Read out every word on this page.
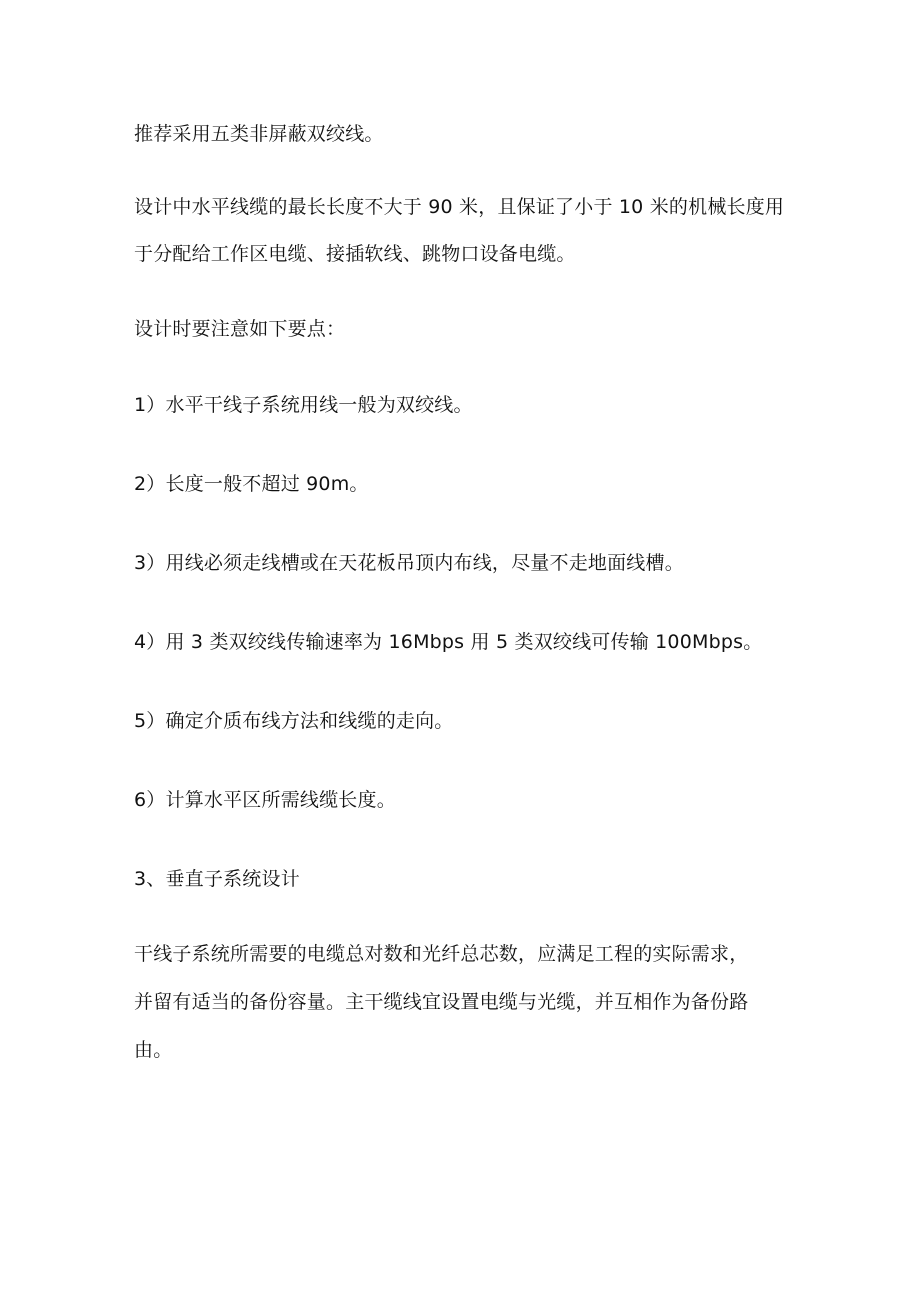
推荐采用五类非屏蔽双绞线。
设计中水平线缆的最长长度不大于 90 米，且保证了小于 10 米的机械长度用
于分配给工作区电缆、接插软线、跳物口设备电缆。
设计时要注意如下要点：
1）水平干线子系统用线一般为双绞线。
2）长度一般不超过 90m。
3）用线必须走线槽或在天花板吊顶内布线，尽量不走地面线槽。
4）用 3 类双绞线传输速率为 16Mbps 用 5 类双绞线可传输 100Mbps。
5）确定介质布线方法和线缆的走向。
6）计算水平区所需线缆长度。
3、垂直子系统设计
干线子系统所需要的电缆总对数和光纤总芯数，应满足工程的实际需求，
并留有适当的备份容量。主干缆线宜设置电缆与光缆，并互相作为备份路
由。
